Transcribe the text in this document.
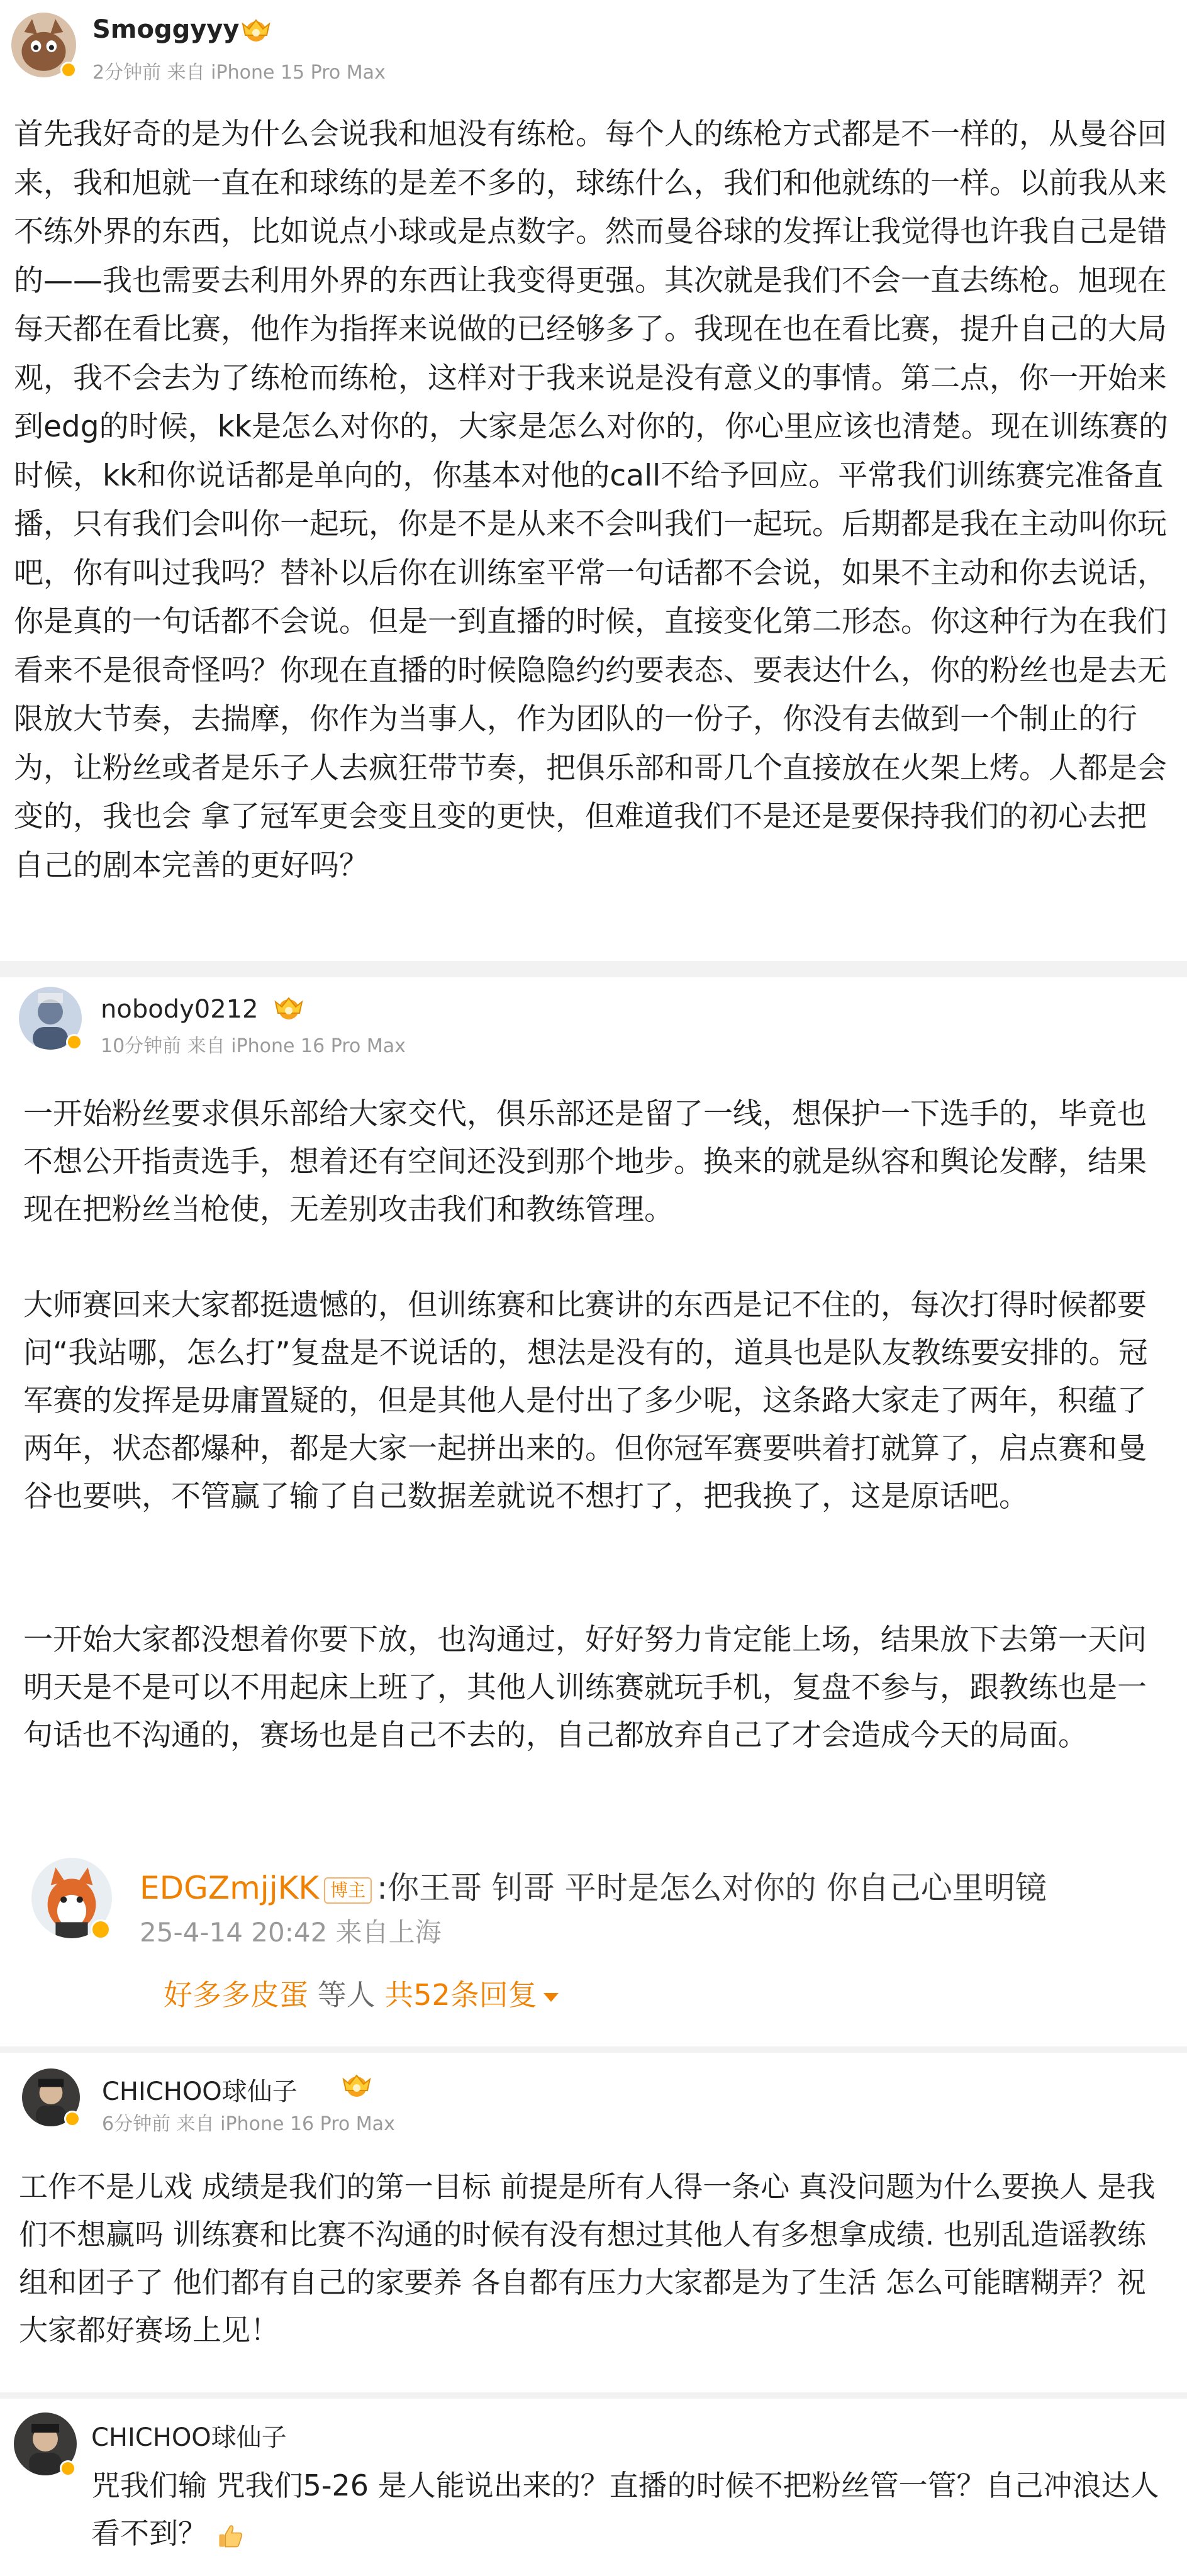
Smoggyyy
2分钟前 来自 iPhone 15 Pro Max
首先我好奇的是为什么会说我和旭没有练枪。每个人的练枪方式都是不一样的，从曼谷回来，我和旭就一直在和球练的是差不多的，球练什么，我们和他就练的一样。以前我从来不练外界的东西，比如说点小球或是点数字。然而曼谷球的发挥让我觉得也许我自己是错的——我也需要去利用外界的东西让我变得更强。其次就是我们不会一直去练枪。旭现在每天都在看比赛，他作为指挥来说做的已经够多了。我现在也在看比赛，提升自己的大局观，我不会去为了练枪而练枪，这样对于我来说是没有意义的事情。第二点，你一开始来到edg的时候，kk是怎么对你的，大家是怎么对你的，你心里应该也清楚。现在训练赛的时候，kk和你说话都是单向的，你基本对他的call不给予回应。平常我们训练赛完准备直播，只有我们会叫你一起玩，你是不是从来不会叫我们一起玩。后期都是我在主动叫你玩吧，你有叫过我吗？替补以后你在训练室平常一句话都不会说，如果不主动和你去说话，你是真的一句话都不会说。但是一到直播的时候，直接变化第二形态。你这种行为在我们看来不是很奇怪吗？你现在直播的时候隐隐约约要表态、要表达什么，你的粉丝也是去无限放大节奏，去揣摩，你作为当事人，作为团队的一份子，你没有去做到一个制止的行为，让粉丝或者是乐子人去疯狂带节奏，把俱乐部和哥几个直接放在火架上烤。人都是会变的，我也会 拿了冠军更会变且变的更快，但难道我们不是还是要保持我们的初心去把自己的剧本完善的更好吗？
nobody0212
10分钟前 来自 iPhone 16 Pro Max
一开始粉丝要求俱乐部给大家交代，俱乐部还是留了一线，想保护一下选手的，毕竟也不想公开指责选手，想着还有空间还没到那个地步。换来的就是纵容和舆论发酵，结果现在把粉丝当枪使，无差别攻击我们和教练管理。
大师赛回来大家都挺遗憾的，但训练赛和比赛讲的东西是记不住的，每次打得时候都要问“我站哪，怎么打”复盘是不说话的，想法是没有的，道具也是队友教练要安排的。冠军赛的发挥是毋庸置疑的，但是其他人是付出了多少呢，这条路大家走了两年，积蕴了两年，状态都爆种，都是大家一起拼出来的。但你冠军赛要哄着打就算了，启点赛和曼谷也要哄，不管赢了输了自己数据差就说不想打了，把我换了，这是原话吧。
一开始大家都没想着你要下放，也沟通过，好好努力肯定能上场，结果放下去第一天问明天是不是可以不用起床上班了，其他人训练赛就玩手机，复盘不参与，跟教练也是一句话也不沟通的，赛场也是自己不去的，自己都放弃自己了才会造成今天的局面。
EDGZmjjKK 博主 :你王哥 钊哥 平时是怎么对你的 你自己心里明镜
25-4-14 20:42 来自上海
好多多皮蛋 等人 共52条回复
CHICHOO球仙子
6分钟前 来自 iPhone 16 Pro Max
工作不是儿戏 成绩是我们的第一目标 前提是所有人得一条心 真没问题为什么要换人 是我们不想赢吗 训练赛和比赛不沟通的时候有没有想过其他人有多想拿成绩. 也别乱造谣教练组和团子了 他们都有自己的家要养 各自都有压力大家都是为了生活 怎么可能瞎糊弄？祝大家都好赛场上见！
CHICHOO球仙子
咒我们输 咒我们5-26 是人能说出来的？直播的时候不把粉丝管一管？自己冲浪达人看不到？
